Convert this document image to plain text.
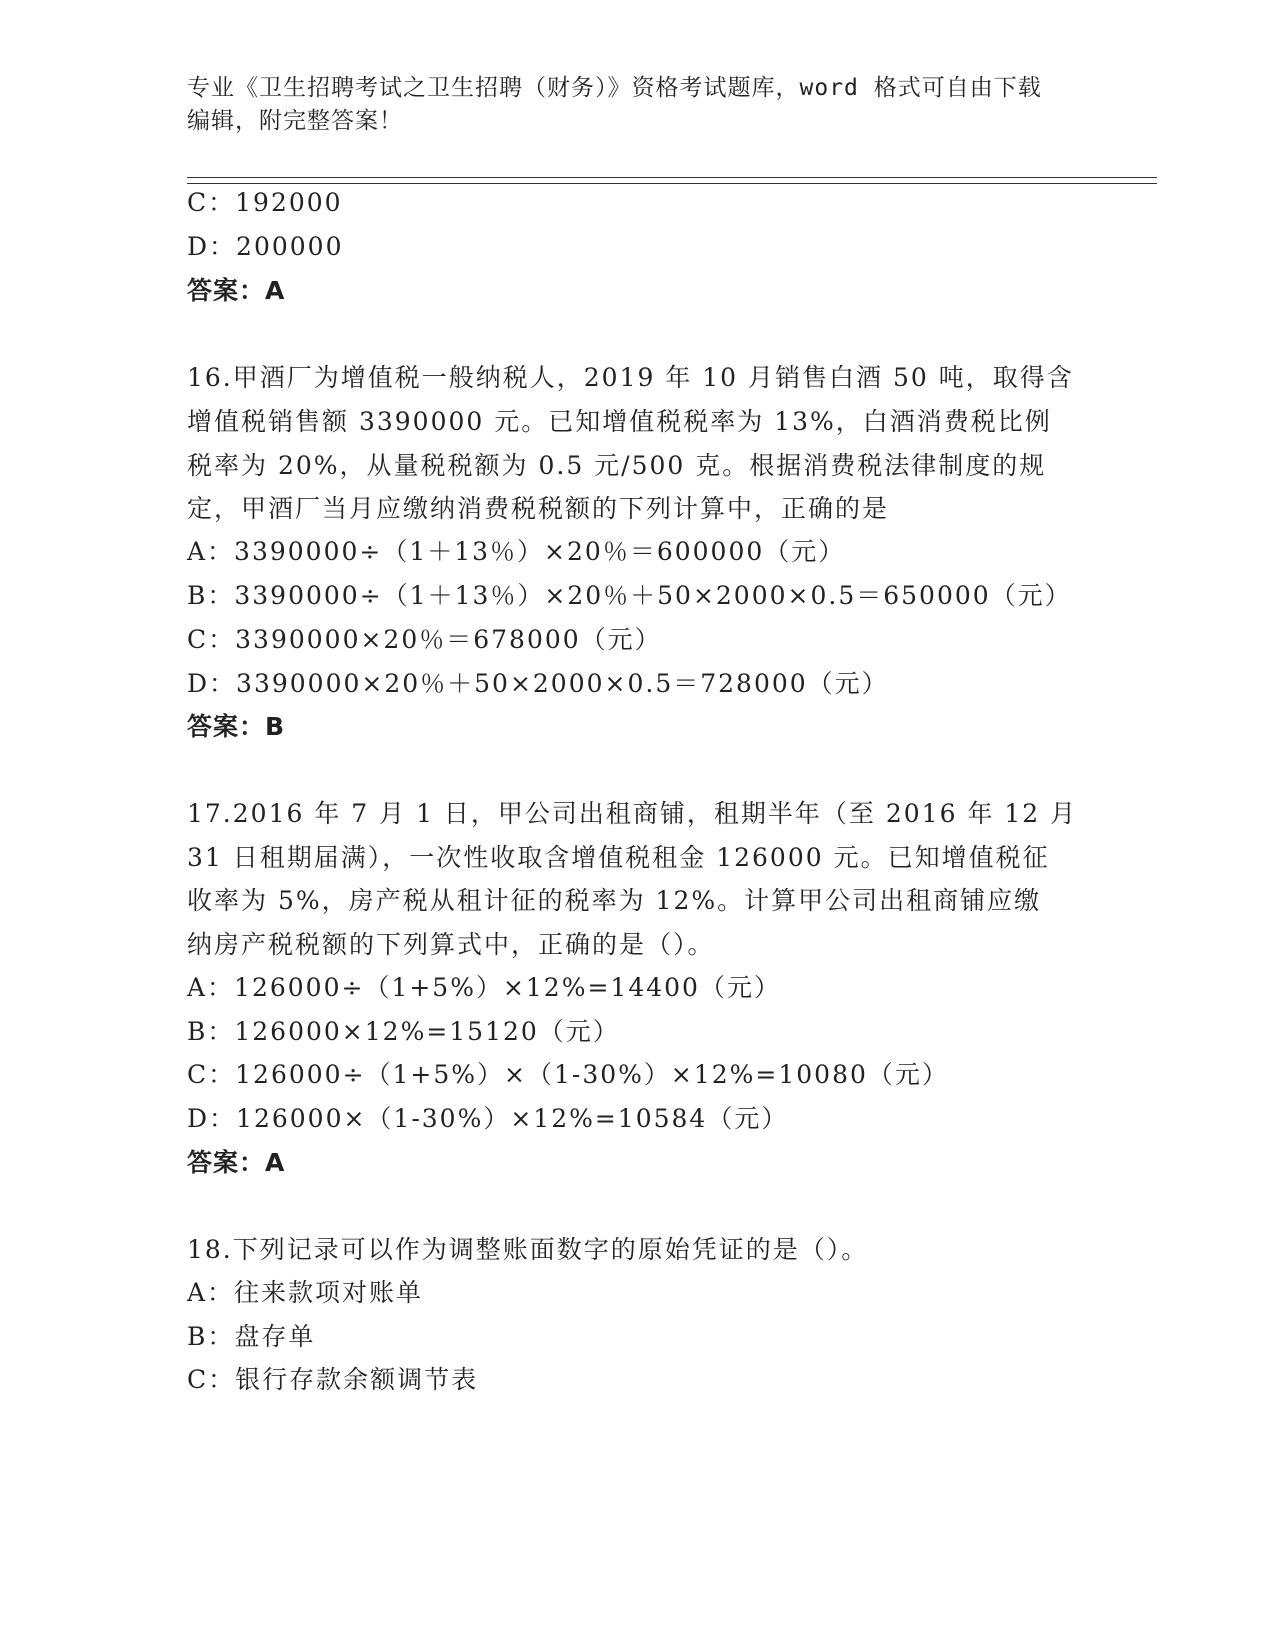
专业《卫生招聘考试之卫生招聘（财务）》资格考试题库，word 格式可自由下载
编辑，附完整答案！
C：192000
D：200000
答案：A
16.甲酒厂为增值税一般纳税人，2019 年 10 月销售白酒 50 吨，取得含
增值税销售额 3390000 元。已知增值税税率为 13%，白酒消费税比例
税率为 20%，从量税税额为 0.5 元/500 克。根据消费税法律制度的规
定，甲酒厂当月应缴纳消费税税额的下列计算中，正确的是
A：3390000÷（1＋13％）×20％＝600000（元）
B：3390000÷（1＋13％）×20％＋50×2000×0.5＝650000（元）
C：3390000×20％＝678000（元）
D：3390000×20％＋50×2000×0.5＝728000（元）
答案：B
17.2016 年 7 月 1 日，甲公司出租商铺，租期半年（至 2016 年 12 月
31 日租期届满），一次性收取含增值税租金 126000 元。已知增值税征
收率为 5%，房产税从租计征的税率为 12%。计算甲公司出租商铺应缴
纳房产税税额的下列算式中，正确的是（）。
A：126000÷（1+5%）×12%=14400（元）
B：126000×12%=15120（元）
C：126000÷（1+5%）×（1-30%）×12%=10080（元）
D：126000×（1-30%）×12%=10584（元）
答案：A
18.下列记录可以作为调整账面数字的原始凭证的是（）。
A：往来款项对账单
B：盘存单
C：银行存款余额调节表
